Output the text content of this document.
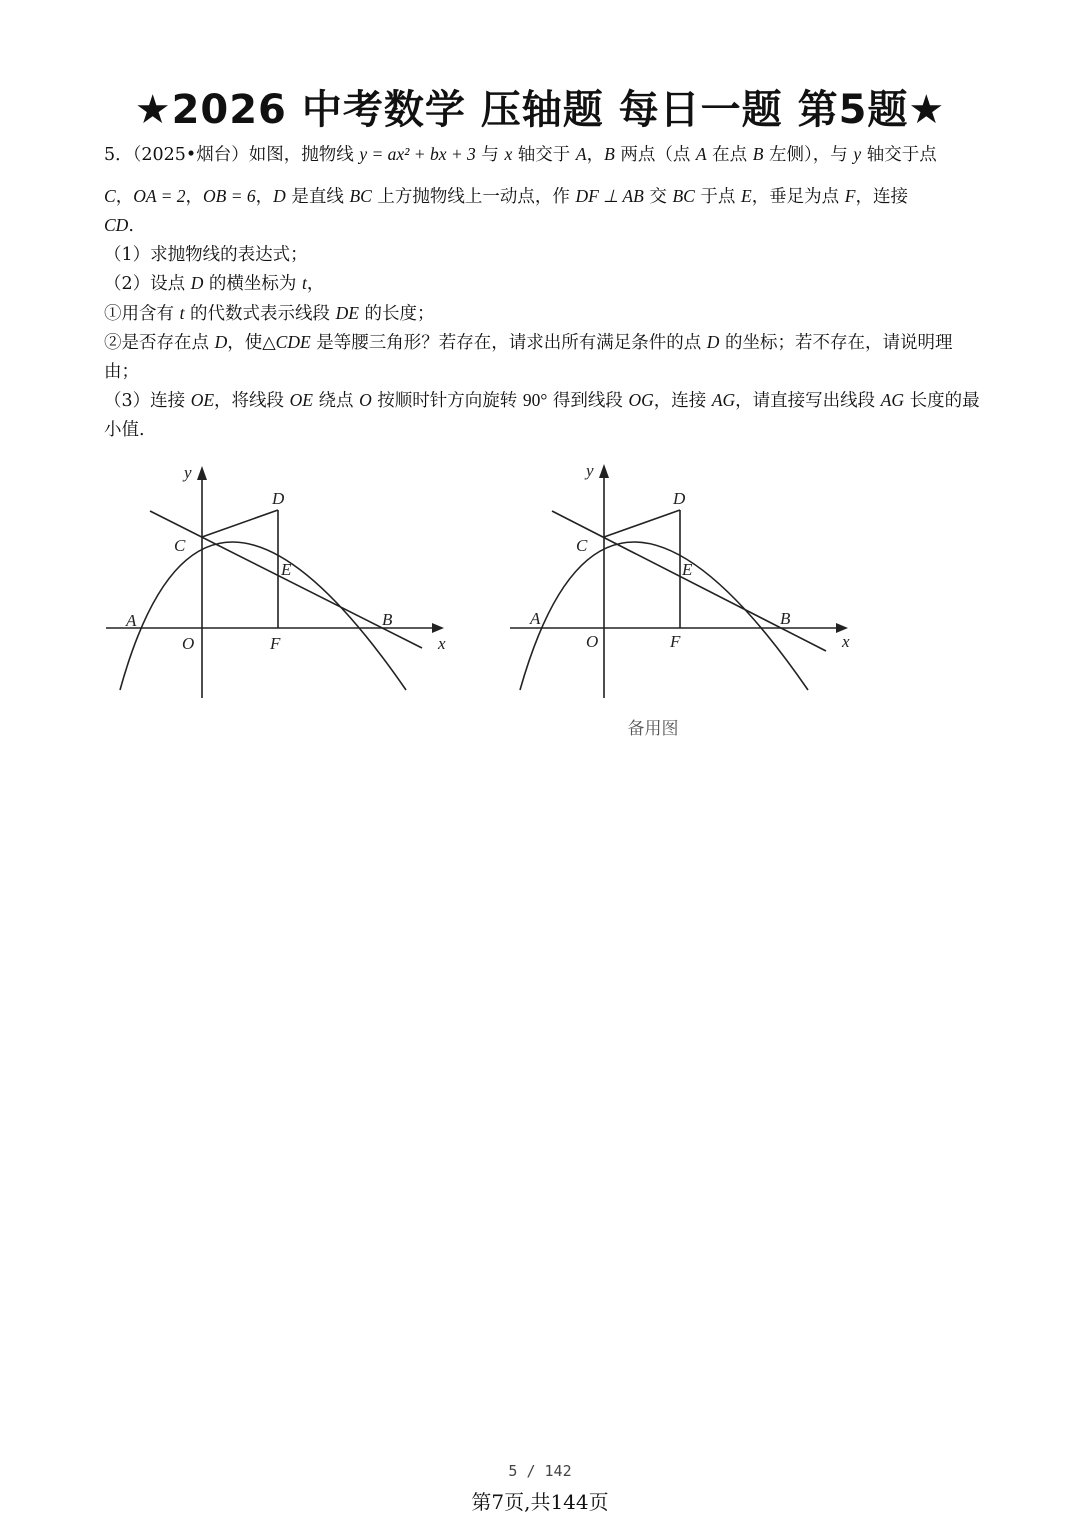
★2026 中考数学 压轴题 每日一题 第5题★

5．（2025•烟台）如图，抛物线 y = ax² + bx + 3 与 x 轴交于 A，B 两点（点 A 在点 B 左侧），与 y 轴交于点

C，OA = 2，OB = 6，D 是直线 BC 上方抛物线上一动点，作 DF ⊥ AB 交 BC 于点 E，垂足为点 F，连接

CD.

（1）求抛物线的表达式；

（2）设点 D 的横坐标为 t，

①用含有 t 的代数式表示线段 DE 的长度；

②是否存在点 D，使△CDE 是等腰三角形？若存在，请求出所有满足条件的点 D 的坐标；若不存在，请说明理由；

（3）连接 OE，将线段 OE 绕点 O 按顺时针方向旋转 90° 得到线段 OG，连接 AG，请直接写出线段 AG 长度的最小值.

y
D
C
E
A	B
O	F	x
y
D
C
E
A	B
O	F	x
备用图
5 / 142
第7页,共144页
